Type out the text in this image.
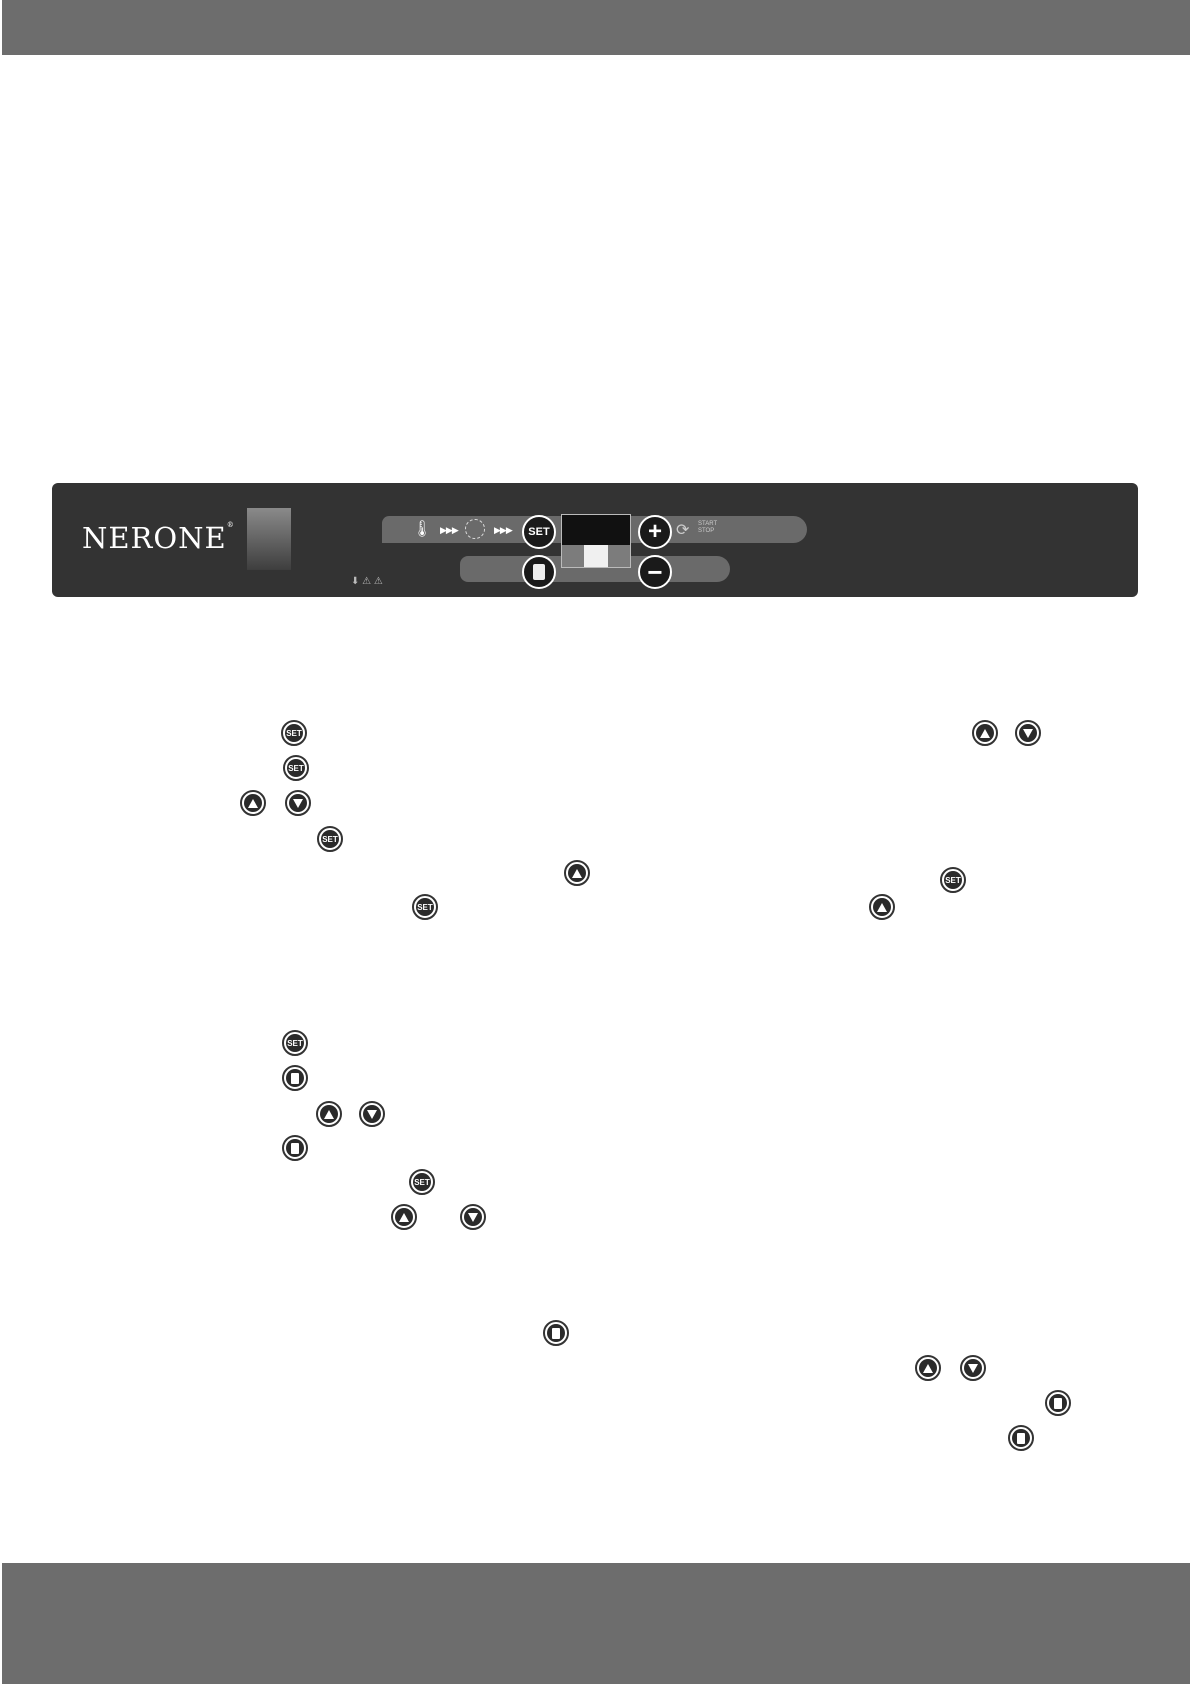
NERONE®	🌡 ▶▶▶	▶▶▶ SET	+
−
⟳ START
STOP
⬇ ⚠ ⚠
SET
SET
SET
SET
SET
SET
SET
